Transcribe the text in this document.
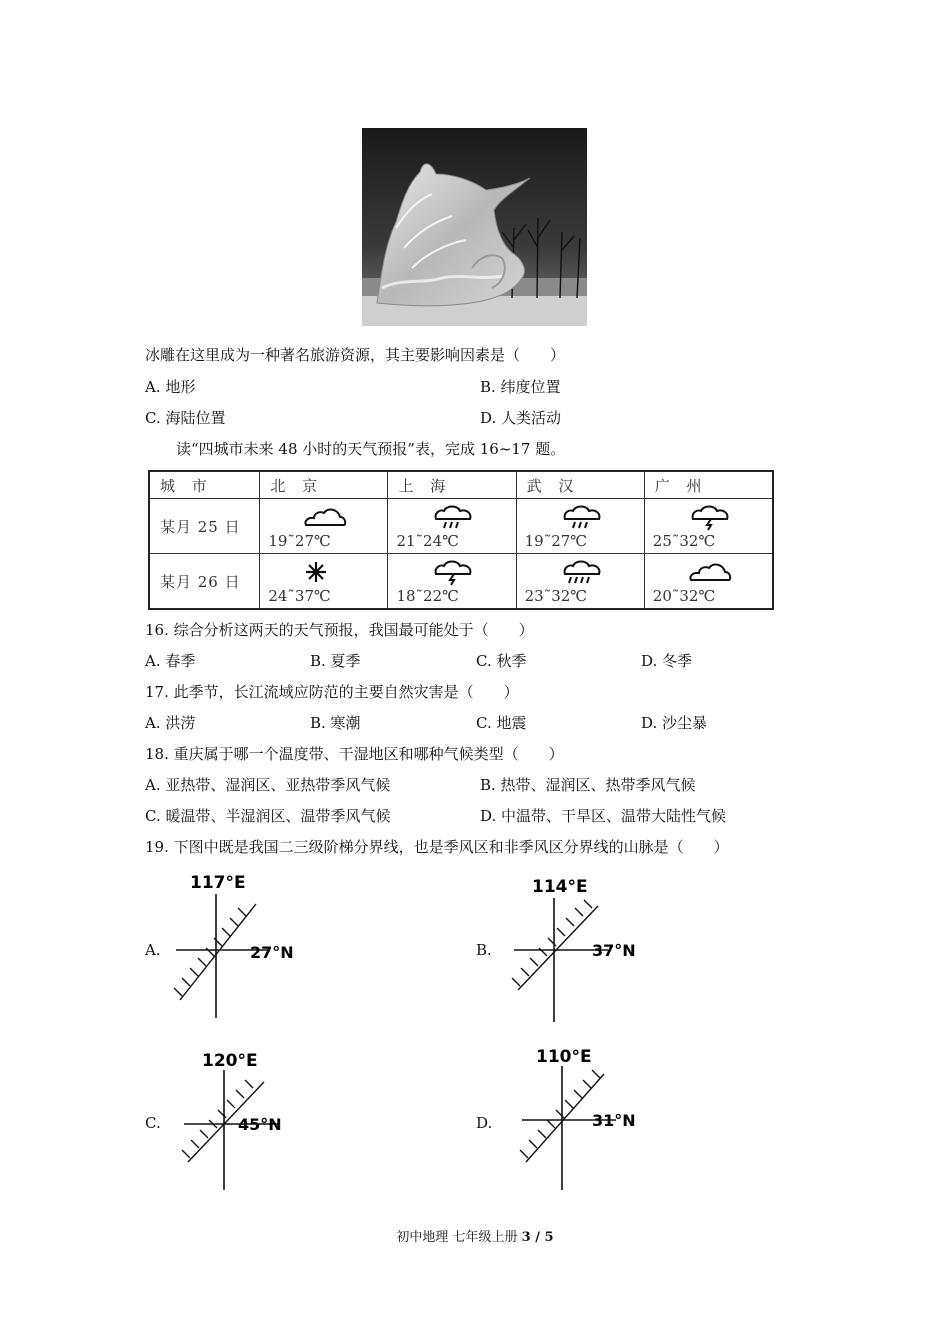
冰雕在这里成为一种著名旅游资源，其主要影响因素是（　　）
A. 地形	B. 纬度位置
C. 海陆位置	D. 人类活动
读“四城市未来 48 小时的天气预报”表，完成 16~17 题。
城 市	北 京	上 海	武 汉	广 州
某月 25 日	19˜27℃	21˜24℃	19˜27℃	25˜32℃

某月 26 日	24˜37℃	18˜22℃	23˜32℃	20˜32℃
16. 综合分析这两天的天气预报，我国最可能处于（　　）
A. 春季	B. 夏季	C. 秋季	D. 冬季
17. 此季节，长江流域应防范的主要自然灾害是（　　）
A. 洪涝	B. 寒潮	C. 地震	D. 沙尘暴
18. 重庆属于哪一个温度带、干湿地区和哪种气候类型（　　）
A. 亚热带、湿润区、亚热带季风气候	B. 热带、湿润区、热带季风气候
C. 暖温带、半湿润区、温带季风气候	D. 中温带、干旱区、温带大陆性气候
19. 下图中既是我国二三级阶梯分界线，也是季风区和非季风区分界线的山脉是（　　）
A.
117°E
27°N	B.
114°E
37°N
C.
120°E
45°N	D.
110°E
31°N
初中地理 七年级上册 3 / 5
